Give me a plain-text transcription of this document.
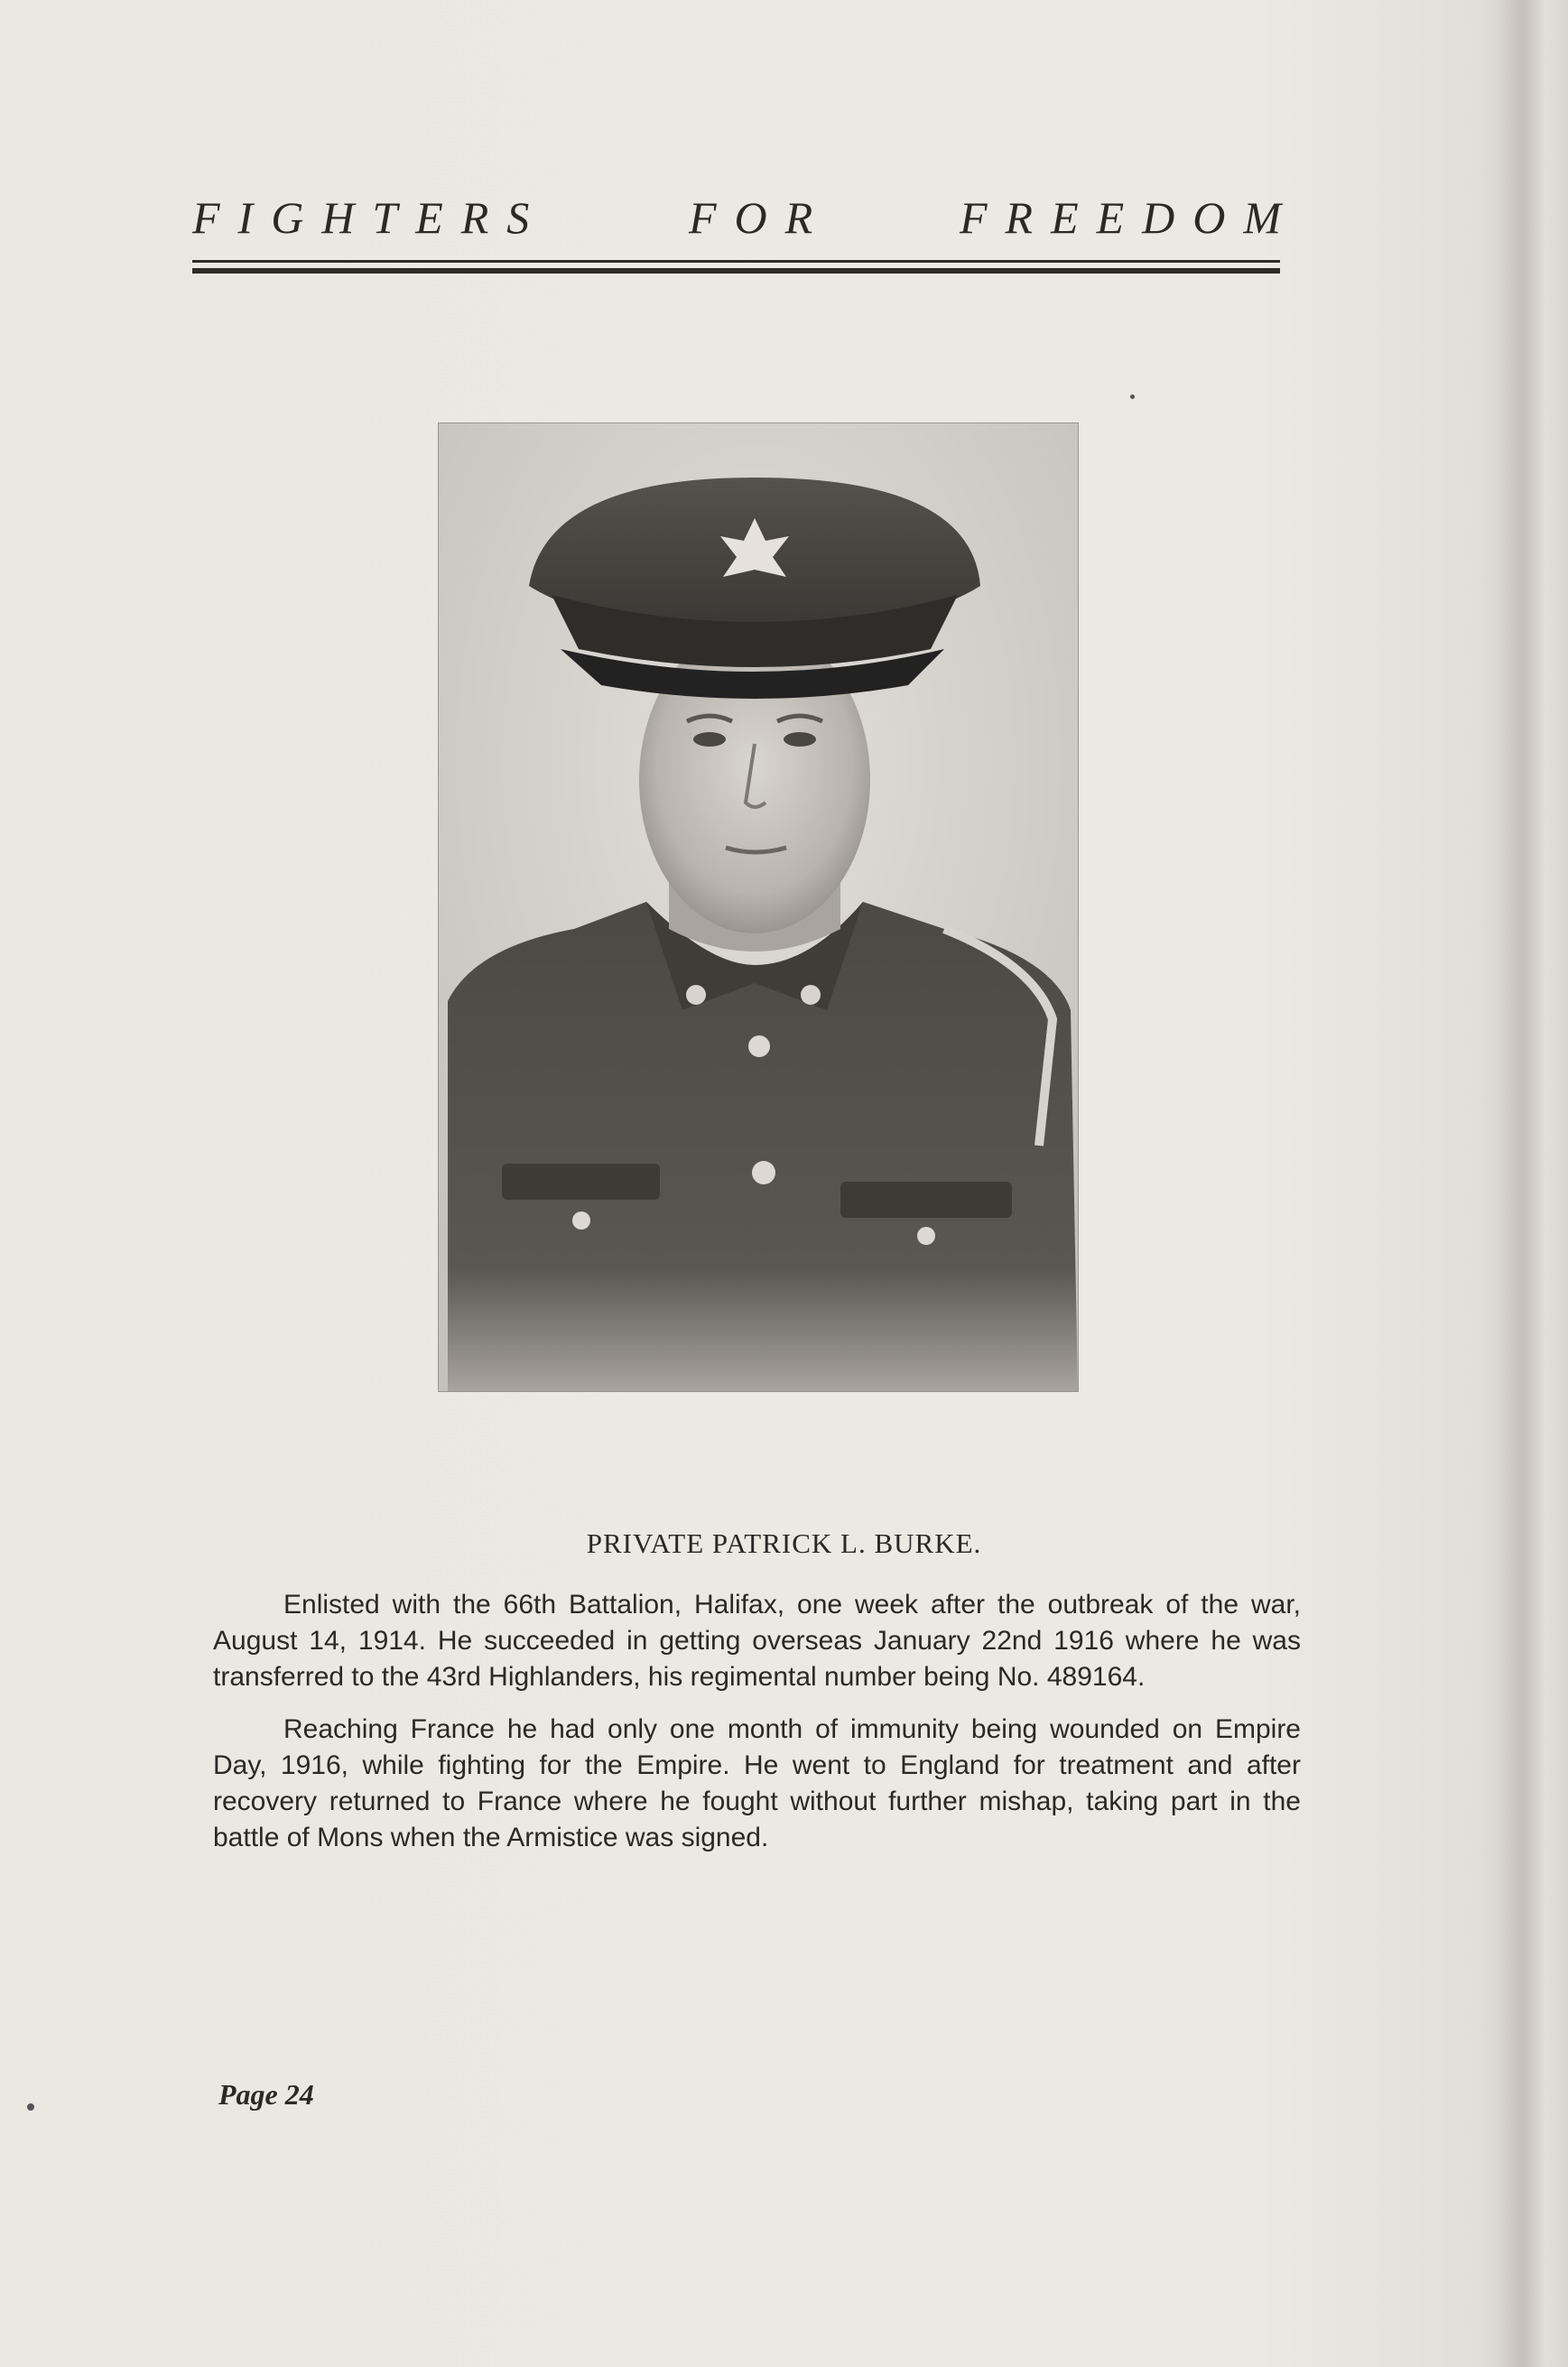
FIGHTERS	FOR	FREEDOM
PRIVATE PATRICK L. BURKE.

Enlisted with the 66th Battalion, Halifax, one week after the outbreak of the war, August 14, 1914. He succeeded in getting overseas January 22nd 1916 where he was transferred to the 43rd Highlanders, his regimental number being No. 489164.

Reaching France he had only one month of immunity being wounded on Empire Day, 1916, while fighting for the Empire. He went to England for treatment and after recovery returned to France where he fought without further mishap, taking part in the battle of Mons when the Armistice was signed.

Page 24
